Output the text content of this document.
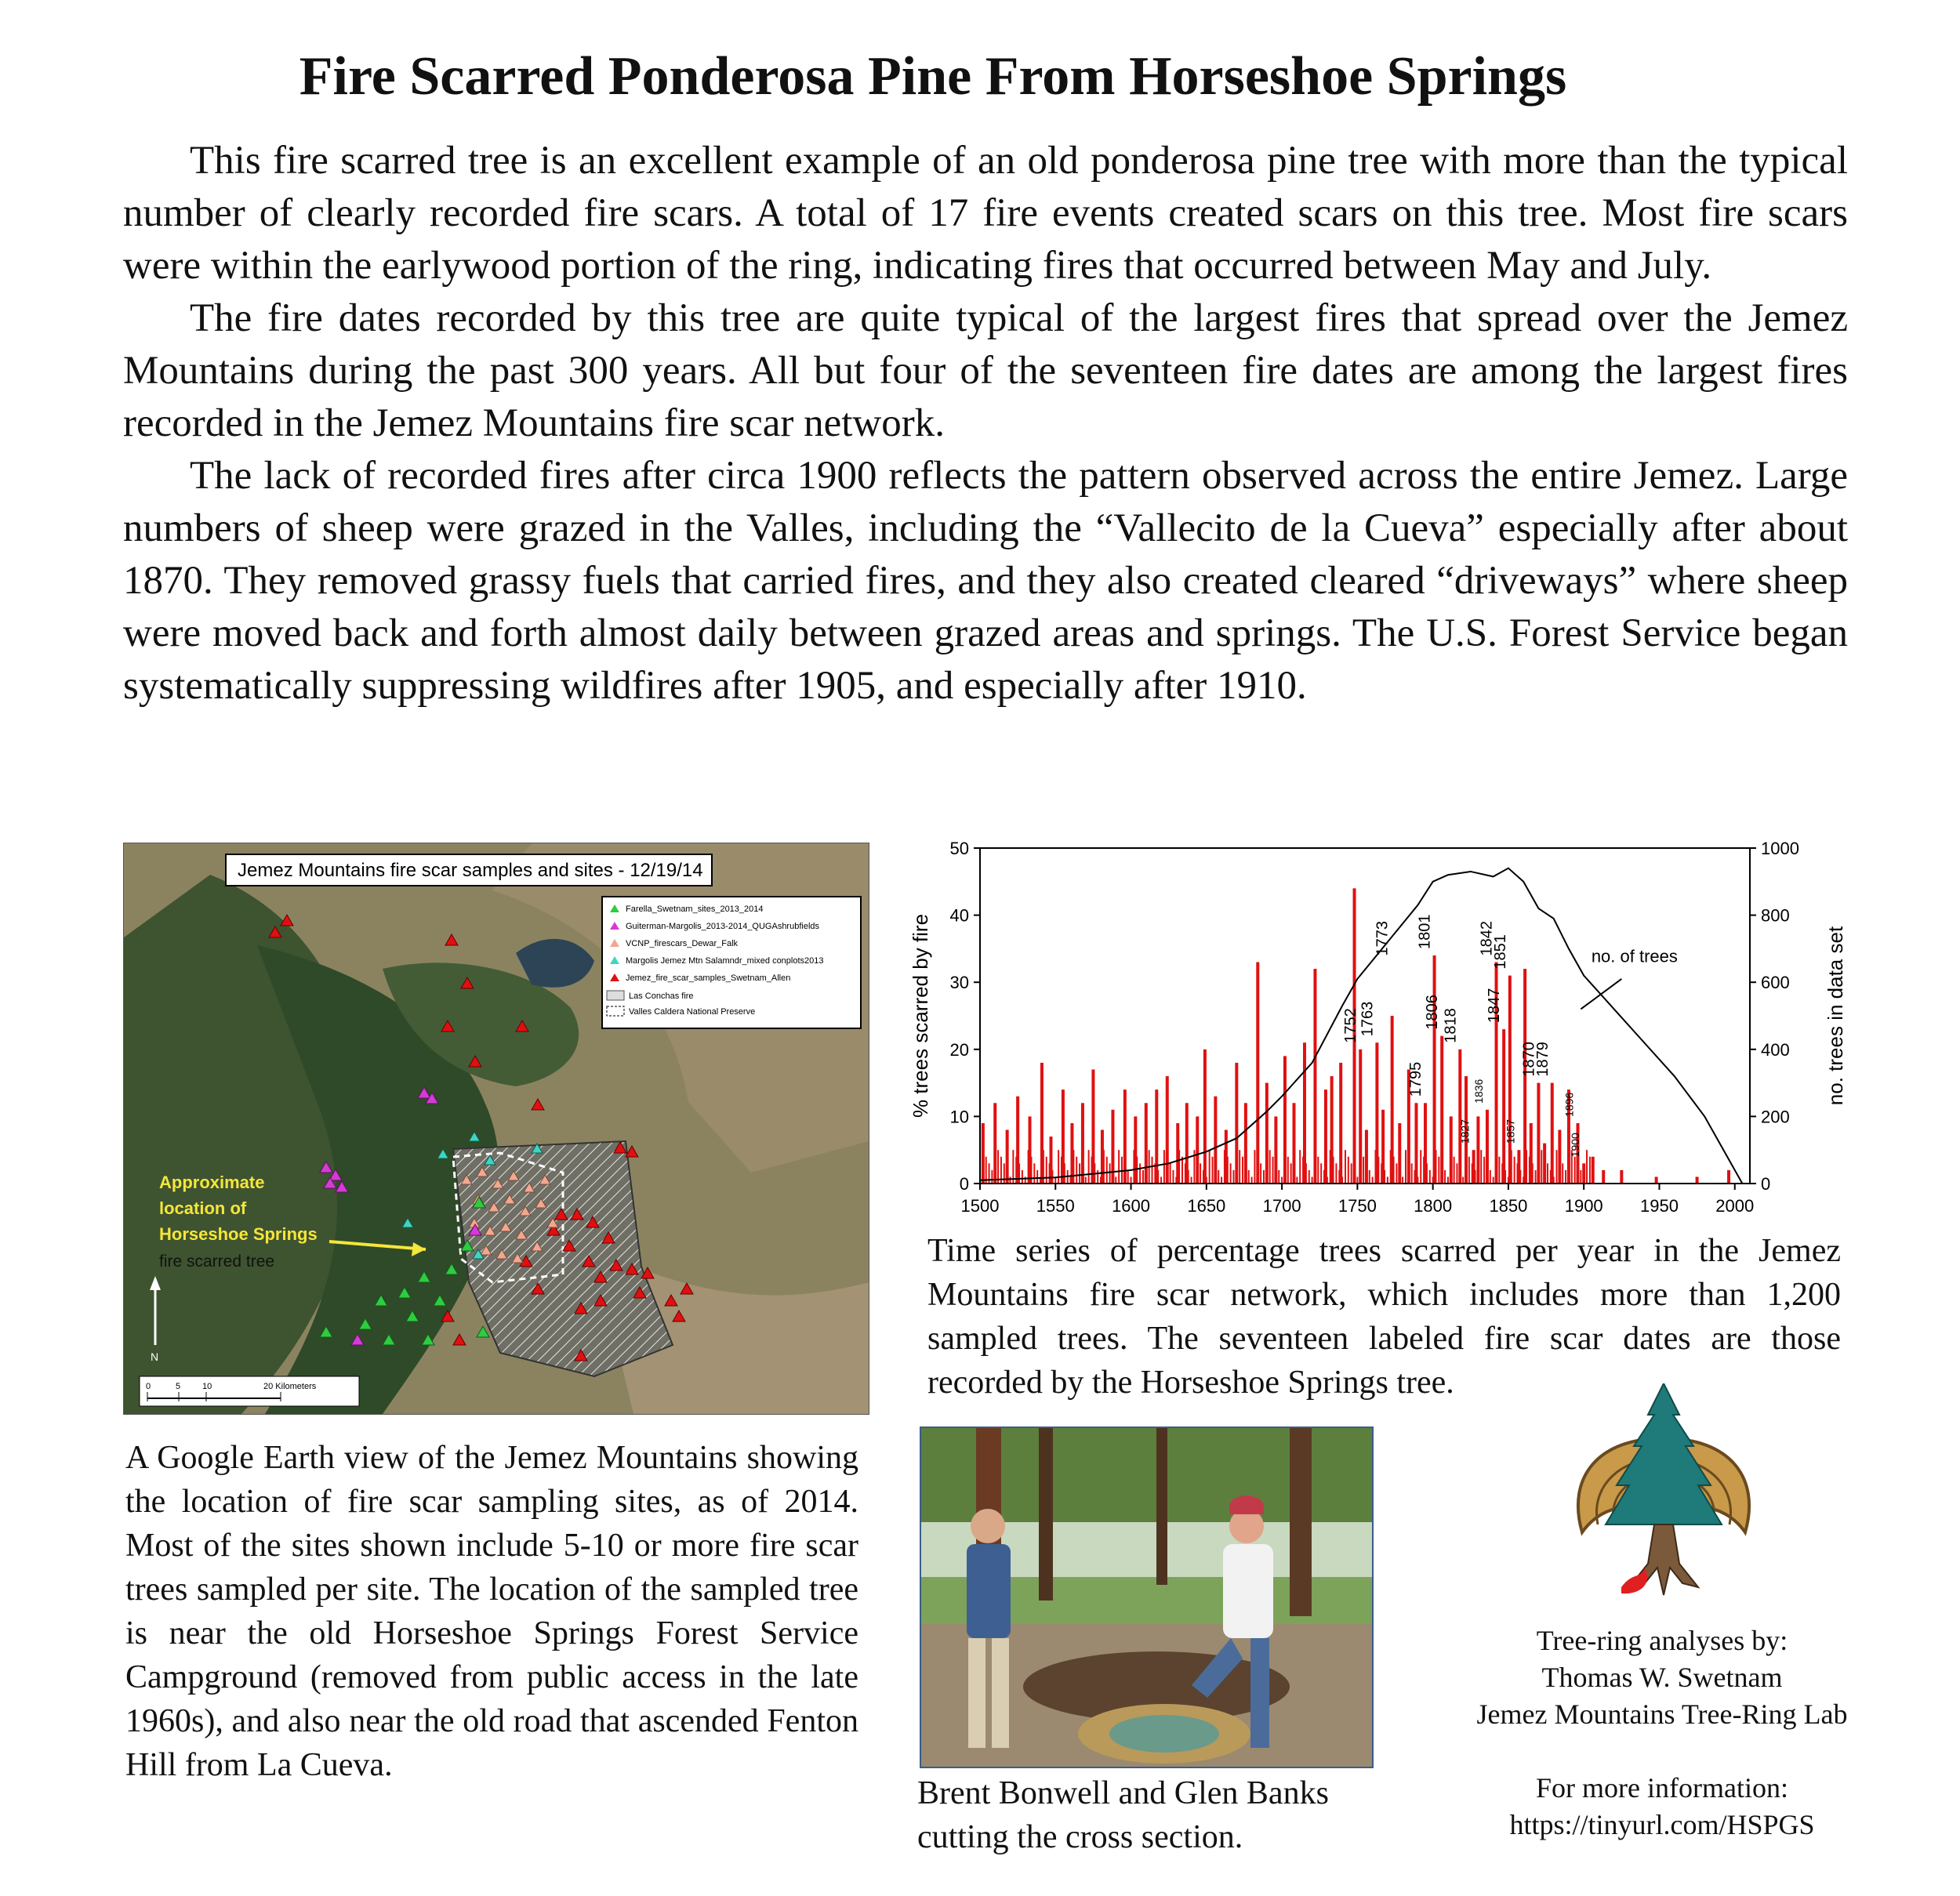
Fire Scarred Ponderosa Pine From Horseshoe Springs

This fire scarred tree is an excellent example of an old ponderosa pine tree with more than the typical number of clearly recorded fire scars. A total of 17 fire events created scars on this tree. Most fire scars were within the earlywood portion of the ring, indicating fires that occurred between May and July.

The fire dates recorded by this tree are quite typical of the largest fires that spread over the Jemez Mountains during the past 300 years. All but four of the seventeen fire dates are among the largest fires recorded in the Jemez Mountains fire scar network.

The lack of recorded fires after circa 1900 reflects the pattern observed across the entire Jemez. Large numbers of sheep were grazed in the Valles, including the “Vallecito de la Cueva” especially after about 1870. They removed grassy fuels that carried fires, and they also created cleared “driveways” where sheep were moved back and forth almost daily between grazed areas and springs. The U.S. Forest Service began systematically suppressing wildfires after 1905, and especially after 1910.

Jemez Mountains fire scar samples and sites - 12/19/14
Farella_Swetnam_sites_2013_2014
Guiterman-Margolis_2013-2014_QUGAshrubfields
VCNP_firescars_Dewar_Falk
Margolis Jemez Mtn Salamndr_mixed conplots2013
Jemez_fire_scar_samples_Swetnam_Allen
Las Conchas fire
Valles Caldera National Preserve
Approximate
location of
Horseshoe Springs
fire scarred tree
N
0	5	10	20 Kilometers
A Google Earth view of the Jemez Mountains showing the location of fire scar sampling sites, as of 2014. Most of the sites shown include 5-10 or more fire scar trees sampled per site. The location of the sampled tree is near the old Horseshoe Springs Forest Service Campground (removed from public access in the late 1960s), and also near the old road that ascended Fenton Hill from La Cueva.
no. of trees
1500 1550 1600 1650 1700 1750 1800 1850 1900 1950 2000
0
10
20
30
40
50
0
200
400
600
800
1000
% trees scarred by fire	no. trees in data set
1752 1763
1773
1795
1801
1806 1818
1827
1836
1842
1847
1851
1857
1870
1879
1896
1900
Time series of percentage trees scarred per year in the Jemez Mountains fire scar network, which includes more than 1,200 sampled trees. The seventeen labeled fire scar dates are those recorded by the Horseshoe Springs tree.
Brent Bonwell and Glen Banks cutting the cross section.
Tree-ring analyses by:
Thomas W. Swetnam
Jemez Mountains Tree-Ring Lab
For more information:
https://tinyurl.com/HSPGS
